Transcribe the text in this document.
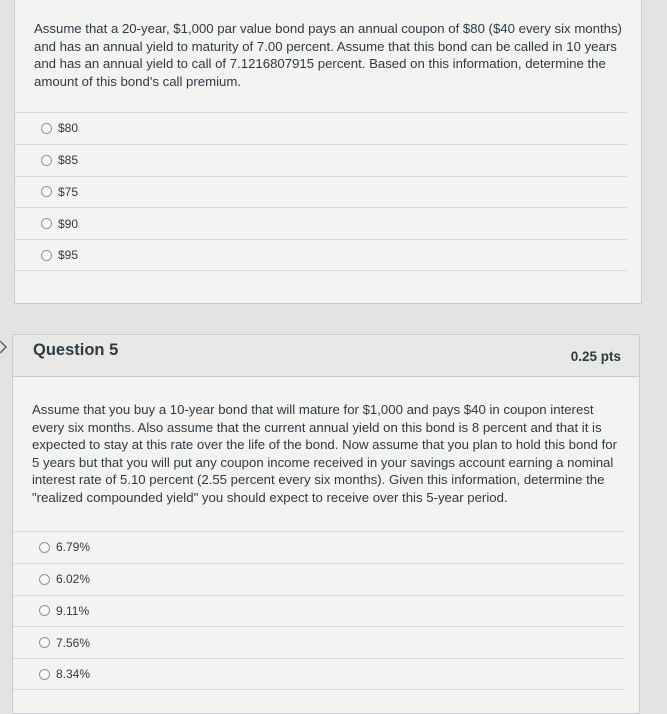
Assume that a 20-year, $1,000 par value bond pays an annual coupon of $80 ($40 every six months) and has an annual yield to maturity of 7.00 percent. Assume that this bond can be called in 10 years and has an annual yield to call of 7.1216807915 percent. Based on this information, determine the amount of this bond's call premium.

$80
$85
$75
$90
$95
Question 5	0.25 pts

Assume that you buy a 10-year bond that will mature for $1,000 and pays $40 in coupon interest every six months. Also assume that the current annual yield on this bond is 8 percent and that it is expected to stay at this rate over the life of the bond. Now assume that you plan to hold this bond for 5 years but that you will put any coupon income received in your savings account earning a nominal interest rate of 5.10 percent (2.55 percent every six months). Given this information, determine the "realized compounded yield" you should expect to receive over this 5-year period.

6.79%
6.02%
9.11%
7.56%
8.34%
